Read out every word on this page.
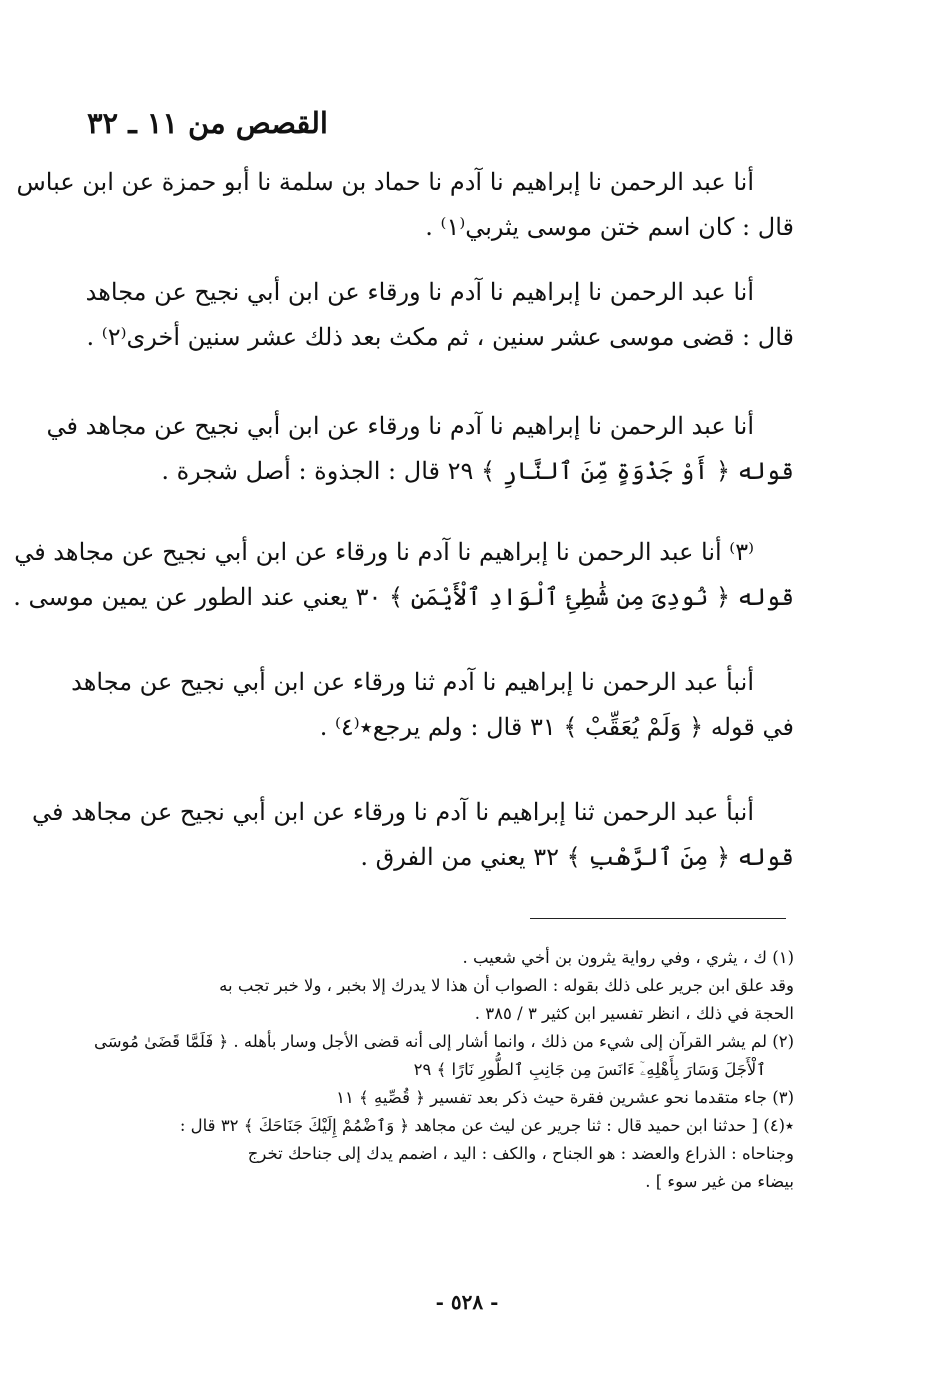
القصص من ١١ ـ ٣٢
أنا عبد الرحمن نا إبراهيم نا آدم نا حماد بن سلمة نا أبو حمزة عن ابن عباس
قال : كان اسم ختن موسى يثربي⁽١⁾ .
أنا عبد الرحمن نا إبراهيم نا آدم نا ورقاء عن ابن أبي نجيح عن مجاهد
قال : قضى موسى عشر سنين ، ثم مكث بعد ذلك عشر سنين أخرى⁽٢⁾ .
أنا عبد الرحمن نا إبراهيم نا آدم نا ورقاء عن ابن أبي نجيح عن مجاهد في
قوله ﴿ أَوْ جَذْوَةٍ مِّنَ ٱلنَّارِ ﴾ ٢٩ قال : الجذوة : أصل شجرة .
⁽٣⁾ أنا عبد الرحمن نا إبراهيم نا آدم نا ورقاء عن ابن أبي نجيح عن مجاهد في
قوله ﴿ نُودِىَ مِن شَٰطِئِ ٱلْوَادِ ٱلْأَيْمَنِ ﴾ ٣٠ يعني عند الطور عن يمين موسى .
أنبأ عبد الرحمن نا إبراهيم نا آدم ثنا ورقاء عن ابن أبي نجيح عن مجاهد
في قوله ﴿ وَلَمْ يُعَقِّبْ ﴾ ٣١ قال : ولم يرجع٭⁽٤⁾ .
أنبأ عبد الرحمن ثنا إبراهيم نا آدم نا ورقاء عن ابن أبي نجيح عن مجاهد في
قوله ﴿ مِنَ ٱلرَّهْبِ ﴾ ٣٢ يعني من الفرق .
(١) ك ، يثري ، وفي رواية يثرون بن أخي شعيب .
وقد علق ابن جرير على ذلك بقوله : الصواب أن هذا لا يدرك إلا بخبر ، ولا خبر تجب به
الحجة في ذلك ، انظر تفسير ابن كثير ٣ / ٣٨٥ .
(٢) لم يشر القرآن إلى شيء من ذلك ، وانما أشار إلى أنه قضى الأجل وسار بأهله . ﴿ فَلَمَّا قَضَىٰ مُوسَى
ٱلْأَجَلَ وَسَارَ بِأَهْلِهِۦٓ ءَانَسَ مِن جَانِبِ ٱلطُّورِ نَارًا ﴾ ٢٩
(٣) جاء متقدما نحو عشرين فقرة حيث ذكر بعد تفسير ﴿ قُصِّيهِ ﴾ ١١
٭(٤) [ حدثنا ابن حميد قال : ثنا جرير عن ليث عن مجاهد ﴿ وَٱضْمُمْ إِلَيْكَ جَنَاحَكَ ﴾ ٣٢ قال :
وجناحاه : الذراع والعضد : هو الجناح ، والكف : اليد ، اضمم يدك إلى جناحك تخرج
بيضاء من غير سوء ] .
- ٥٢٨ -
